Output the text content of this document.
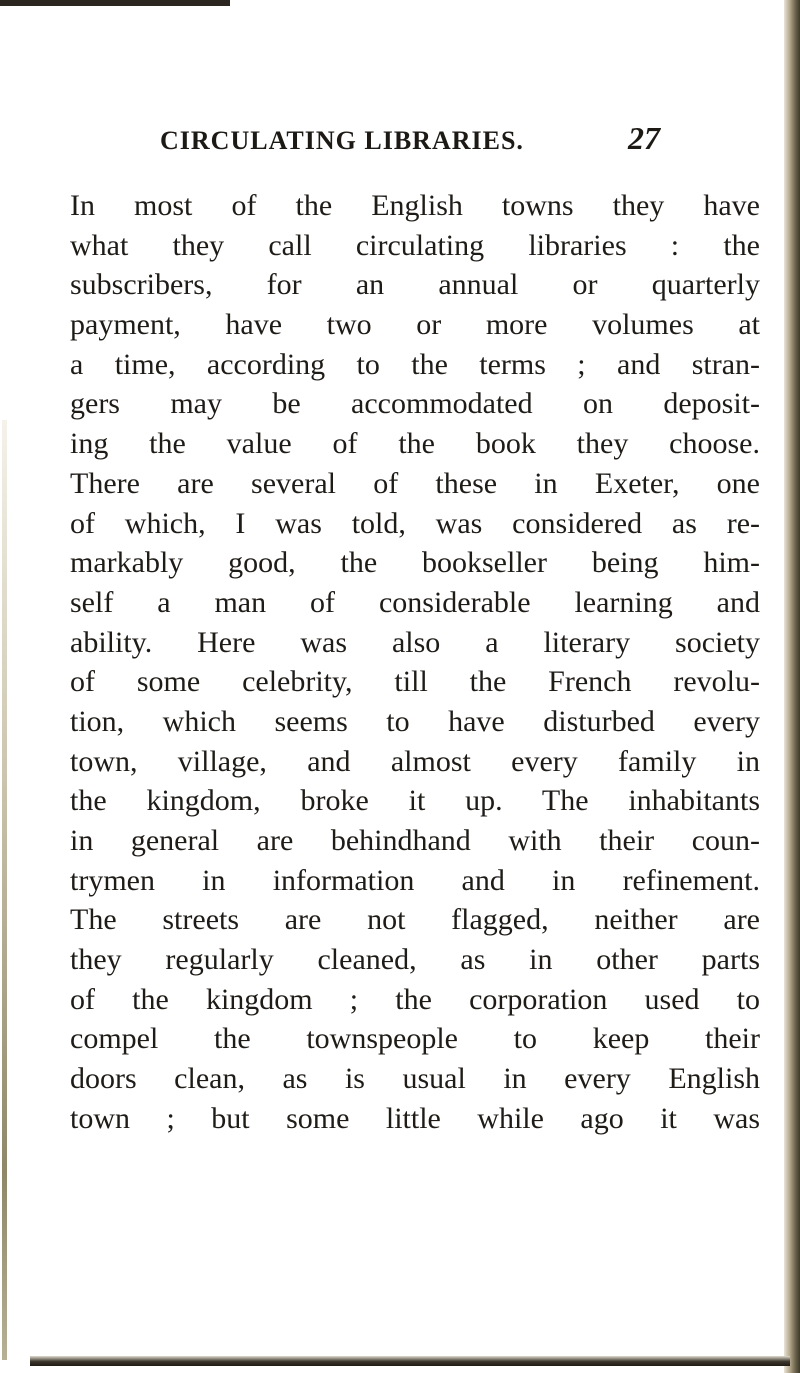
CIRCULATING LIBRARIES.	27
In most of the English towns they have
what they call circulating libraries : the
subscribers, for an annual or quarterly
payment, have two or more volumes at
a time, according to the terms ; and stran-
gers may be accommodated on deposit-
ing the value of the book they choose.
There are several of these in Exeter, one
of which, I was told, was considered as re-
markably good, the bookseller being him-
self a man of considerable learning and
ability. Here was also a literary society
of some celebrity, till the French revolu-
tion, which seems to have disturbed every
town, village, and almost every family in
the kingdom, broke it up. The inhabitants
in general are behindhand with their coun-
trymen in information and in refinement.
The streets are not flagged, neither are
they regularly cleaned, as in other parts
of the kingdom ; the corporation used to
compel the townspeople to keep their
doors clean, as is usual in every English
town ; but some little while ago it was
